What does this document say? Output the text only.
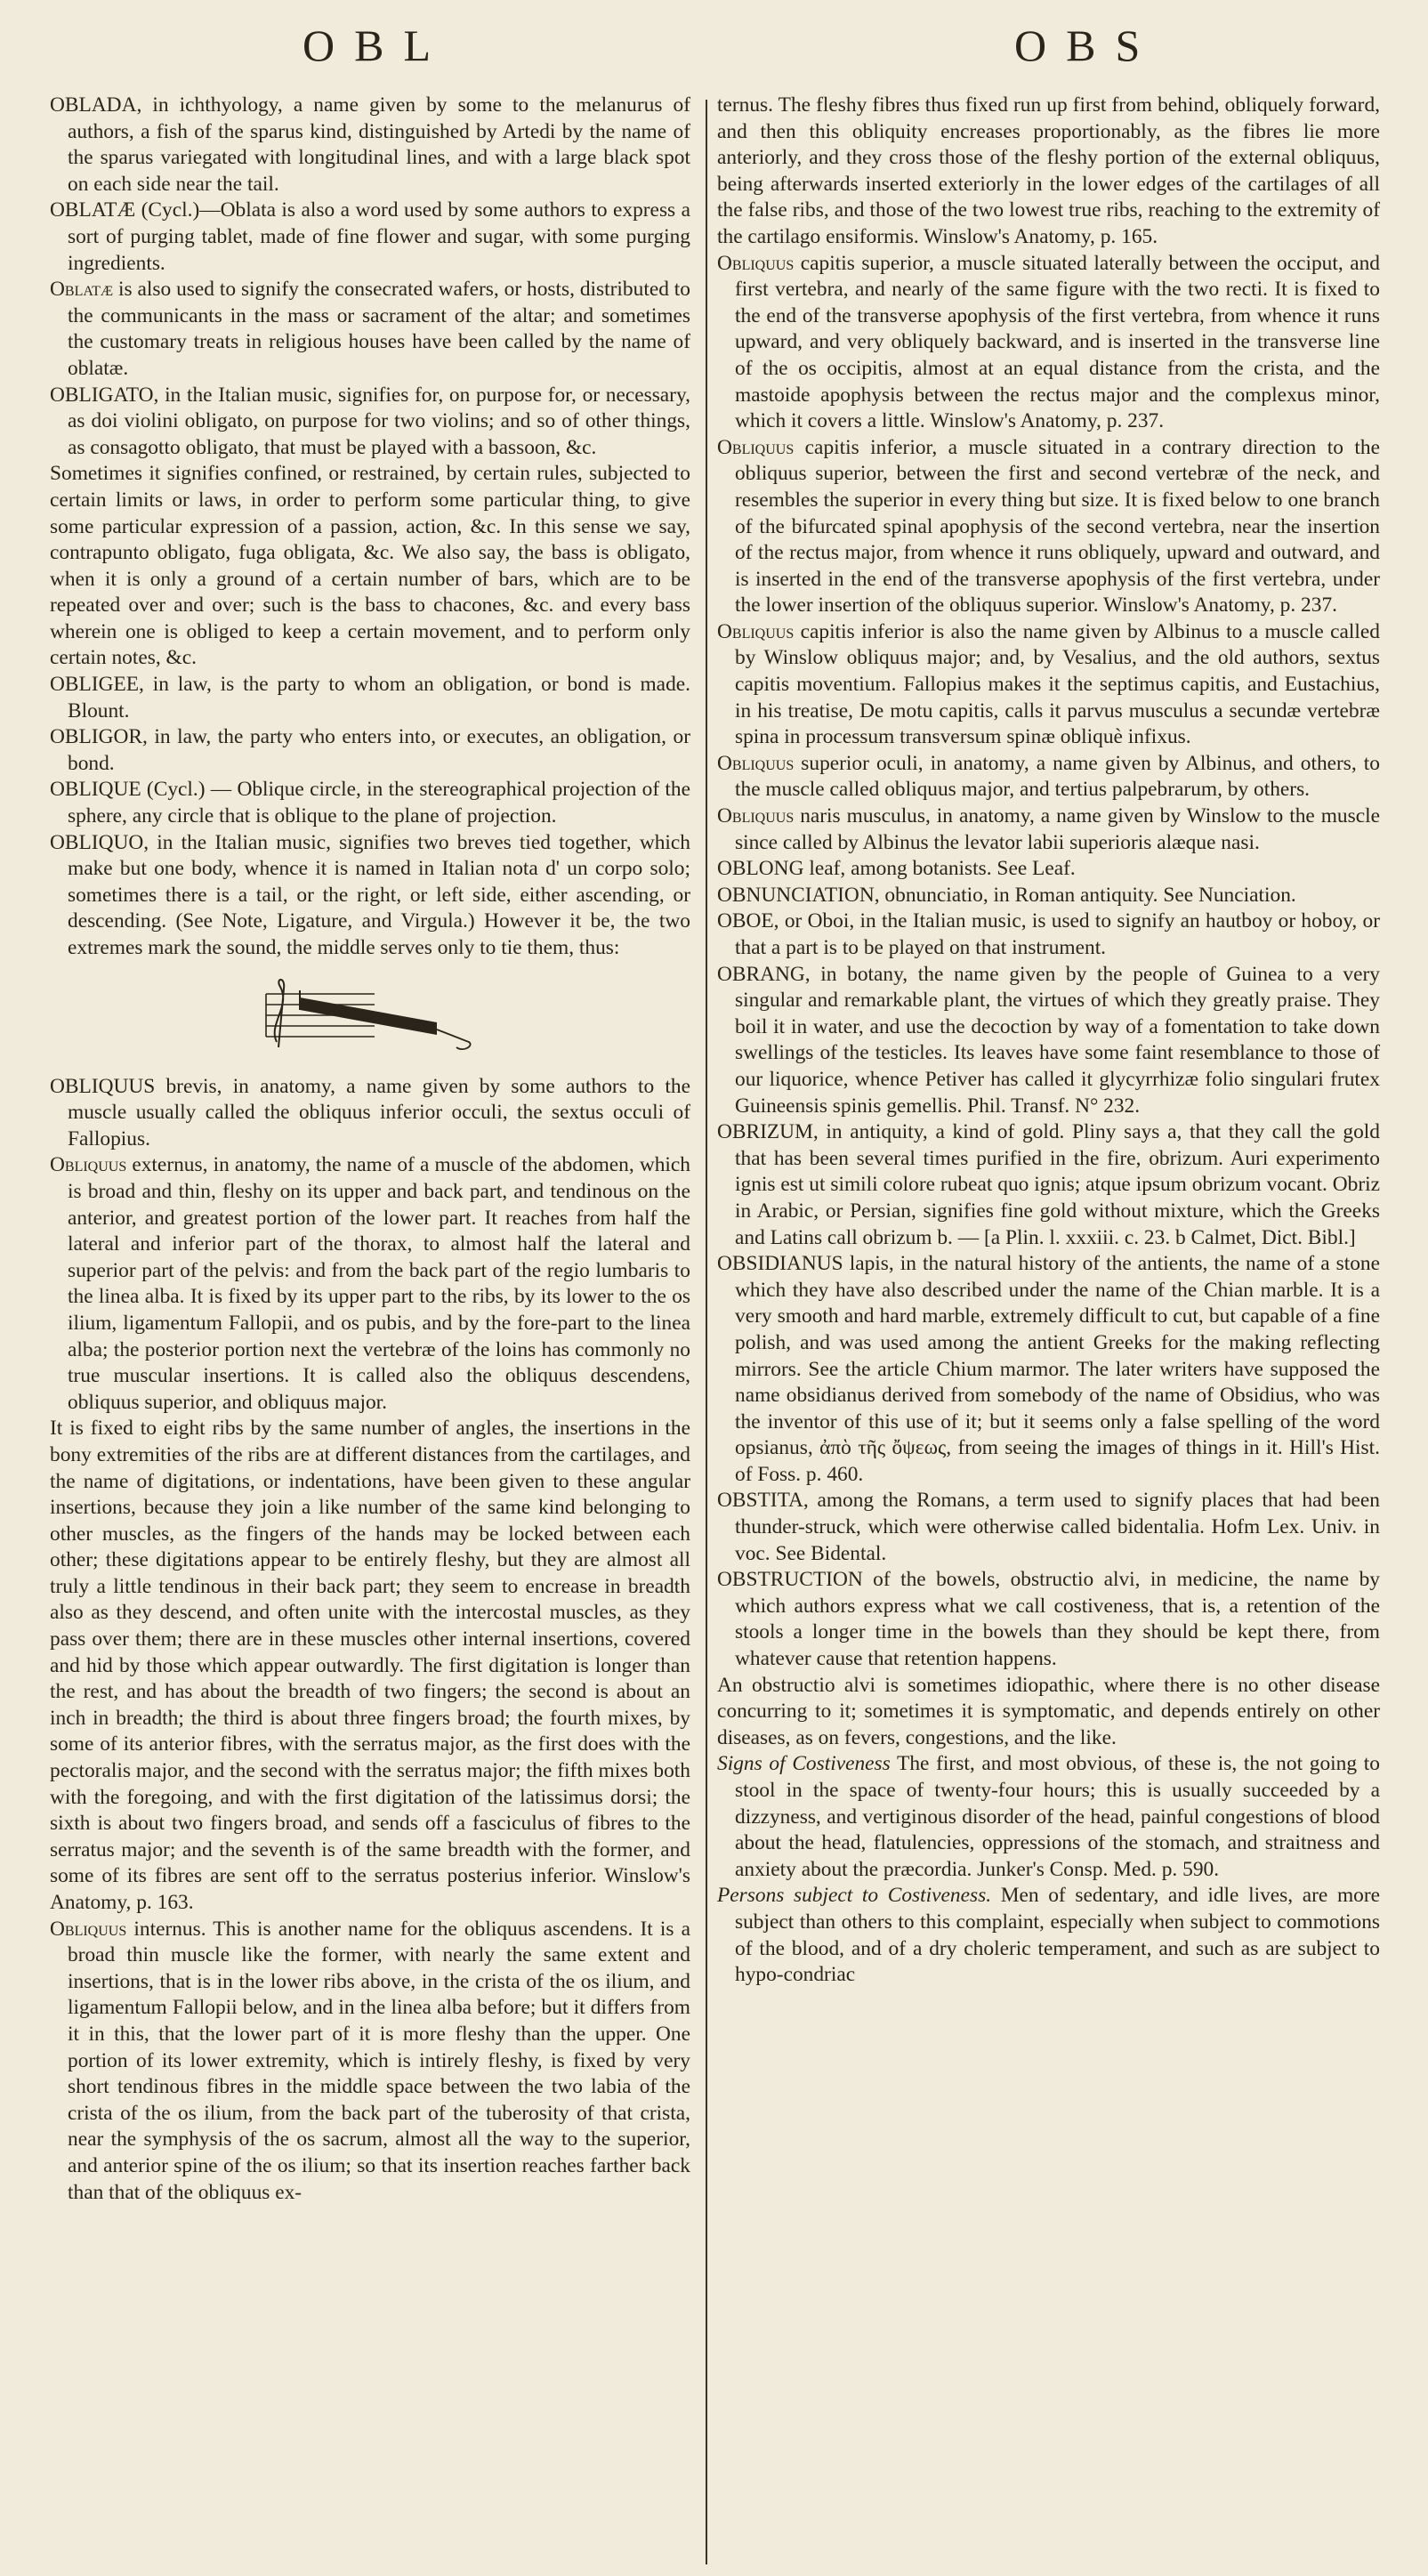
OBL	OBS

OBLADA, in ichthyology, a name given by some to the melanurus of authors, a fish of the sparus kind, distinguished by Artedi by the name of the sparus variegated with longitudinal lines, and with a large black spot on each side near the tail.

OBLATÆ (Cycl.)—Oblata is also a word used by some authors to express a sort of purging tablet, made of fine flower and sugar, with some purging ingredients.

Oblatæ is also used to signify the consecrated wafers, or hosts, distributed to the communicants in the mass or sacrament of the altar; and sometimes the customary treats in religious houses have been called by the name of oblatæ.

OBLIGATO, in the Italian music, signifies for, on purpose for, or necessary, as doi violini obligato, on purpose for two violins; and so of other things, as consagotto obligato, that must be played with a bassoon, &c.

Sometimes it signifies confined, or restrained, by certain rules, subjected to certain limits or laws, in order to perform some particular thing, to give some particular expression of a passion, action, &c. In this sense we say, contrapunto obligato, fuga obligata, &c. We also say, the bass is obligato, when it is only a ground of a certain number of bars, which are to be repeated over and over; such is the bass to chacones, &c. and every bass wherein one is obliged to keep a certain movement, and to perform only certain notes, &c.

OBLIGEE, in law, is the party to whom an obligation, or bond is made. Blount.

OBLIGOR, in law, the party who enters into, or executes, an obligation, or bond.

OBLIQUE (Cycl.) — Oblique circle, in the stereographical projection of the sphere, any circle that is oblique to the plane of projection.

OBLIQUO, in the Italian music, signifies two breves tied together, which make but one body, whence it is named in Italian nota d' un corpo solo; sometimes there is a tail, or the right, or left side, either ascending, or descending. (See Note, Ligature, and Virgula.) However it be, the two extremes mark the sound, the middle serves only to tie them, thus:

OBLIQUUS brevis, in anatomy, a name given by some authors to the muscle usually called the obliquus inferior occuli, the sextus occuli of Fallopius.

Obliquus externus, in anatomy, the name of a muscle of the abdomen, which is broad and thin, fleshy on its upper and back part, and tendinous on the anterior, and greatest portion of the lower part. It reaches from half the lateral and inferior part of the thorax, to almost half the lateral and superior part of the pelvis: and from the back part of the regio lumbaris to the linea alba. It is fixed by its upper part to the ribs, by its lower to the os ilium, ligamentum Fallopii, and os pubis, and by the fore-part to the linea alba; the posterior portion next the vertebræ of the loins has commonly no true muscular insertions. It is called also the obliquus descendens, obliquus superior, and obliquus major.

It is fixed to eight ribs by the same number of angles, the insertions in the bony extremities of the ribs are at different distances from the cartilages, and the name of digitations, or indentations, have been given to these angular insertions, because they join a like number of the same kind belonging to other muscles, as the fingers of the hands may be locked between each other; these digitations appear to be entirely fleshy, but they are almost all truly a little tendinous in their back part; they seem to encrease in breadth also as they descend, and often unite with the intercostal muscles, as they pass over them; there are in these muscles other internal insertions, covered and hid by those which appear outwardly. The first digitation is longer than the rest, and has about the breadth of two fingers; the second is about an inch in breadth; the third is about three fingers broad; the fourth mixes, by some of its anterior fibres, with the serratus major, as the first does with the pectoralis major, and the second with the serratus major; the fifth mixes both with the foregoing, and with the first digitation of the latissimus dorsi; the sixth is about two fingers broad, and sends off a fasciculus of fibres to the serratus major; and the seventh is of the same breadth with the former, and some of its fibres are sent off to the serratus posterius inferior. Winslow's Anatomy, p. 163.

Obliquus internus. This is another name for the obliquus ascendens. It is a broad thin muscle like the former, with nearly the same extent and insertions, that is in the lower ribs above, in the crista of the os ilium, and ligamentum Fallopii below, and in the linea alba before; but it differs from it in this, that the lower part of it is more fleshy than the upper. One portion of its lower extremity, which is intirely fleshy, is fixed by very short tendinous fibres in the middle space between the two labia of the crista of the os ilium, from the back part of the tuberosity of that crista, near the symphysis of the os sacrum, almost all the way to the superior, and anterior spine of the os ilium; so that its insertion reaches farther back than that of the obliquus ex-

ternus. The fleshy fibres thus fixed run up first from behind, obliquely forward, and then this obliquity encreases proportionably, as the fibres lie more anteriorly, and they cross those of the fleshy portion of the external obliquus, being afterwards inserted exteriorly in the lower edges of the cartilages of all the false ribs, and those of the two lowest true ribs, reaching to the extremity of the cartilago ensiformis. Winslow's Anatomy, p. 165.

Obliquus capitis superior, a muscle situated laterally between the occiput, and first vertebra, and nearly of the same figure with the two recti. It is fixed to the end of the transverse apophysis of the first vertebra, from whence it runs upward, and very obliquely backward, and is inserted in the transverse line of the os occipitis, almost at an equal distance from the crista, and the mastoide apophysis between the rectus major and the complexus minor, which it covers a little. Winslow's Anatomy, p. 237.

Obliquus capitis inferior, a muscle situated in a contrary direction to the obliquus superior, between the first and second vertebræ of the neck, and resembles the superior in every thing but size. It is fixed below to one branch of the bifurcated spinal apophysis of the second vertebra, near the insertion of the rectus major, from whence it runs obliquely, upward and outward, and is inserted in the end of the transverse apophysis of the first vertebra, under the lower insertion of the obliquus superior. Winslow's Anatomy, p. 237.

Obliquus capitis inferior is also the name given by Albinus to a muscle called by Winslow obliquus major; and, by Vesalius, and the old authors, sextus capitis moventium. Fallopius makes it the septimus capitis, and Eustachius, in his treatise, De motu capitis, calls it parvus musculus a secundæ vertebræ spina in processum transversum spinæ obliquè infixus.

Obliquus superior oculi, in anatomy, a name given by Albinus, and others, to the muscle called obliquus major, and tertius palpebrarum, by others.

Obliquus naris musculus, in anatomy, a name given by Winslow to the muscle since called by Albinus the levator labii superioris alæque nasi.

OBLONG leaf, among botanists. See Leaf.

OBNUNCIATION, obnunciatio, in Roman antiquity. See Nunciation.

OBOE, or Oboi, in the Italian music, is used to signify an hautboy or hoboy, or that a part is to be played on that instrument.

OBRANG, in botany, the name given by the people of Guinea to a very singular and remarkable plant, the virtues of which they greatly praise. They boil it in water, and use the decoction by way of a fomentation to take down swellings of the testicles. Its leaves have some faint resemblance to those of our liquorice, whence Petiver has called it glycyrrhizæ folio singulari frutex Guineensis spinis gemellis. Phil. Transf. N° 232.

OBRIZUM, in antiquity, a kind of gold. Pliny says a, that they call the gold that has been several times purified in the fire, obrizum. Auri experimento ignis est ut simili colore rubeat quo ignis; atque ipsum obrizum vocant. Obriz in Arabic, or Persian, signifies fine gold without mixture, which the Greeks and Latins call obrizum b. — [a Plin. l. xxxiii. c. 23. b Calmet, Dict. Bibl.]

OBSIDIANUS lapis, in the natural history of the antients, the name of a stone which they have also described under the name of the Chian marble. It is a very smooth and hard marble, extremely difficult to cut, but capable of a fine polish, and was used among the antient Greeks for the making reflecting mirrors. See the article Chium marmor. The later writers have supposed the name obsidianus derived from somebody of the name of Obsidius, who was the inventor of this use of it; but it seems only a false spelling of the word opsianus, ἀπὸ τῆς ὄψεως, from seeing the images of things in it. Hill's Hist. of Foss. p. 460.

OBSTITA, among the Romans, a term used to signify places that had been thunder-struck, which were otherwise called bidentalia. Hofm Lex. Univ. in voc. See Bidental.

OBSTRUCTION of the bowels, obstructio alvi, in medicine, the name by which authors express what we call costiveness, that is, a retention of the stools a longer time in the bowels than they should be kept there, from whatever cause that retention happens.

An obstructio alvi is sometimes idiopathic, where there is no other disease concurring to it; sometimes it is symptomatic, and depends entirely on other diseases, as on fevers, congestions, and the like.

Signs of Costiveness The first, and most obvious, of these is, the not going to stool in the space of twenty-four hours; this is usually succeeded by a dizzyness, and vertiginous disorder of the head, painful congestions of blood about the head, flatulencies, oppressions of the stomach, and straitness and anxiety about the præcordia. Junker's Consp. Med. p. 590.

Persons subject to Costiveness. Men of sedentary, and idle lives, are more subject than others to this complaint, especially when subject to commotions of the blood, and of a dry choleric temperament, and such as are subject to hypo-condriac
